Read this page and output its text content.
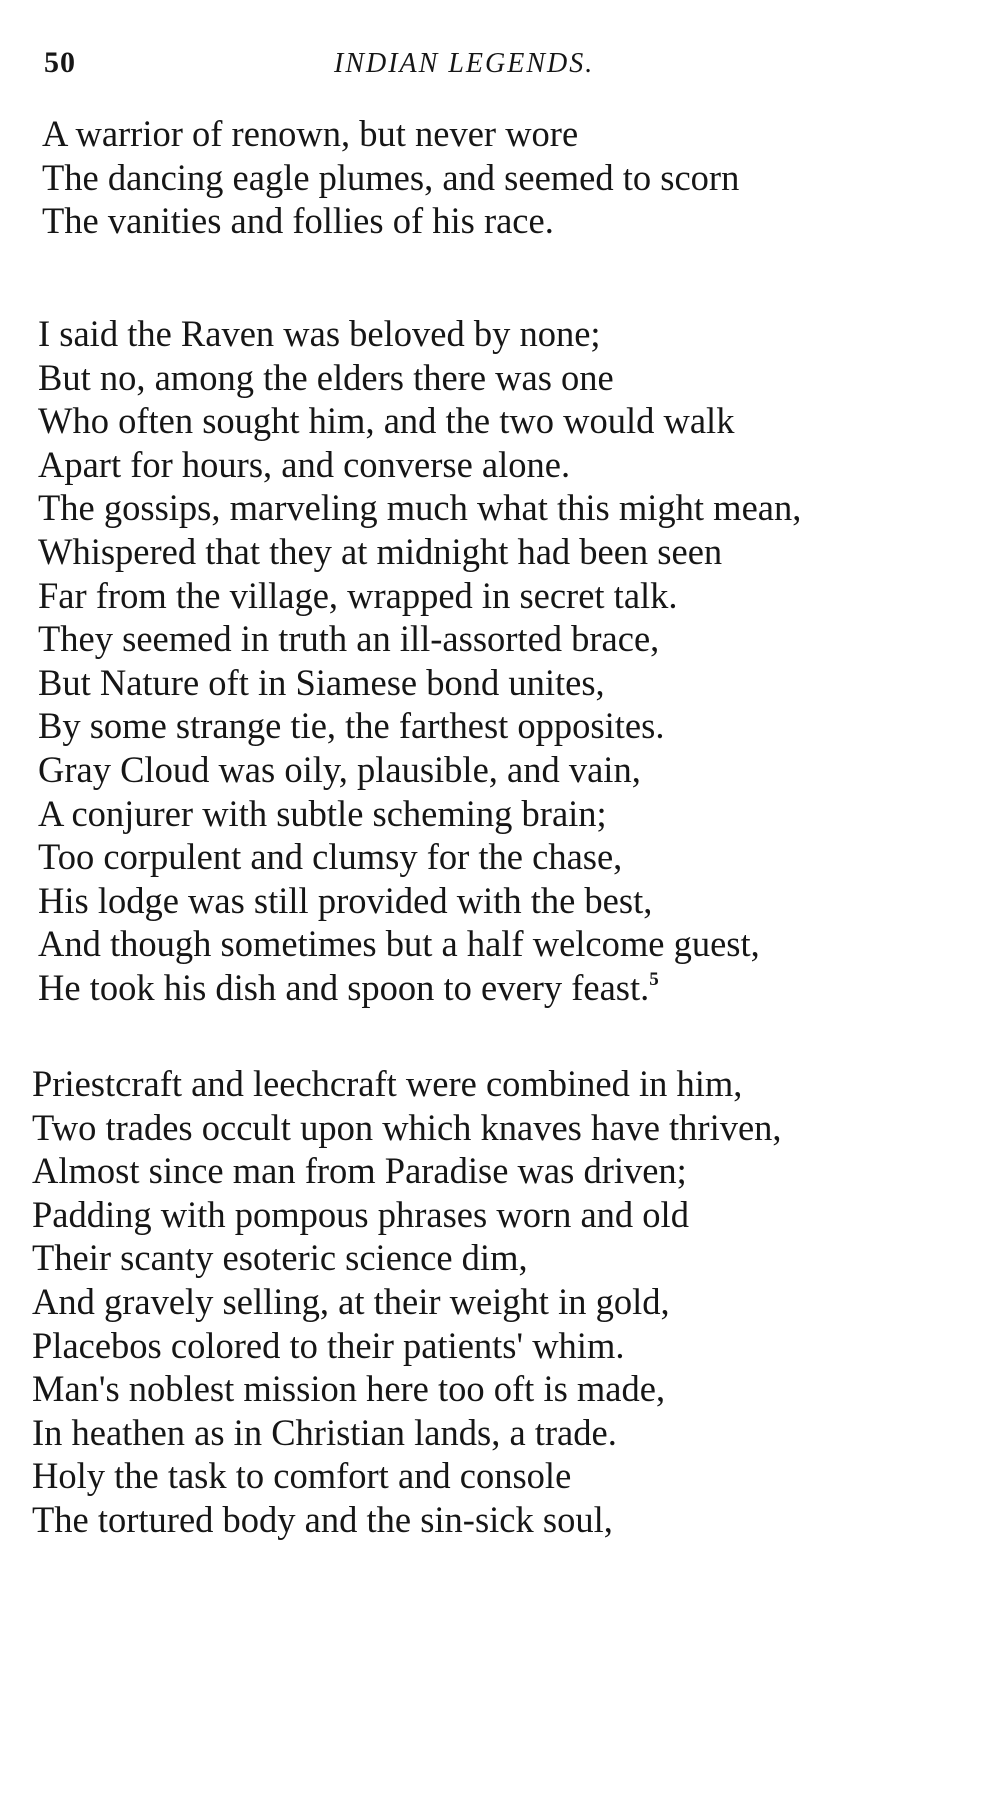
50	INDIAN LEGENDS.
A warrior of renown, but never wore
The dancing eagle plumes, and seemed to scorn
The vanities and follies of his race.
I said the Raven was beloved by none;
But no, among the elders there was one
Who often sought him, and the two would walk
Apart for hours, and converse alone.
The gossips, marveling much what this might mean,
Whispered that they at midnight had been seen
Far from the village, wrapped in secret talk.
They seemed in truth an ill-assorted brace,
But Nature oft in Siamese bond unites,
By some strange tie, the farthest opposites.
Gray Cloud was oily, plausible, and vain,
A conjurer with subtle scheming brain;
Too corpulent and clumsy for the chase,
His lodge was still provided with the best,
And though sometimes but a half welcome guest,
He took his dish and spoon to every feast.$^5$
Priestcraft and leechcraft were combined in him,
Two trades occult upon which knaves have thriven,
Almost since man from Paradise was driven;
Padding with pompous phrases worn and old
Their scanty esoteric science dim,
And gravely selling, at their weight in gold,
Placebos colored to their patients' whim.
Man's noblest mission here too oft is made,
In heathen as in Christian lands, a trade.
Holy the task to comfort and console
The tortured body and the sin-sick soul,
